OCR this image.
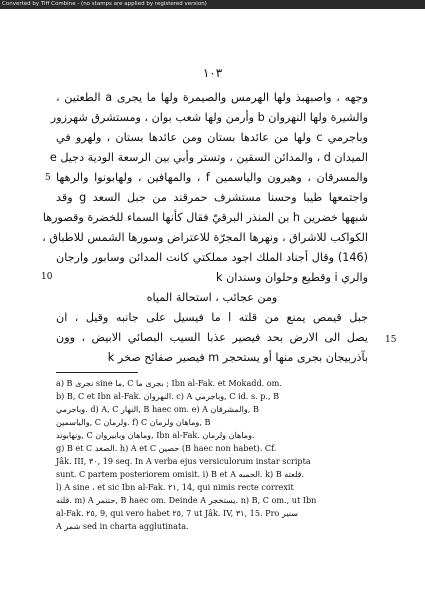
Converted by Tiff Combine - (no stamps are applied by registered version)
١٠٣
وجهه ، واصبهبذ ولها الهرمس والصيمرة ولها ما يجرى a الطعتين ،
والشيرة ولها النهروان b وأرمن ولها شعب بوان ، ومستشرق شهرزور
وباجرمي c ولها من عائدها بستان ومن عائدها بستان ، ولهرو في
الميدان d ، والمدائن السقين ، وتستر وأبي بين الرسعة الودية دجيل e
والمسرقان ، وهيرون والياسمين f ، والمهافين ، ولهابونوا والرهها
واجتمعها طيبا وحسنا مستشرف حمرقند من جبل السعد g وقد
شبهها خضرين h بن المنذر البرقيّ فقال كأنها السماء للخضرة وقصورها
الكواكب للاشراق ، ونهرها المجرّة للاعتراض وسورها الشمس للاطباق ،
(146) وقال أجناد الملك اجود مملكتي كانت المدائن وسابور وارجان
والري i وقطيع وحلوان وسندان k
5
10
15
ومن عجائب ، استحالة المياه
جبل قيمص يمنع من قلته l ما فيسيل على جانبه وقيل ، ان
يصل الى الارض بحد فيصير عذبا السيب البصائي الابيض ، وون
بآذربيجان بجرى منها أو يستحجر m فيصير صفائح صخر k
a) B نجرى sine ما, C بجرى ما ; Ibn al-Fak. et Mokadd. om.
b) B, C et Ibn al-Fak. النهروان. c) A وباجرمي, C id. s. p., B
وباجرمي. d) A, C النهار, B haec om. e) A والمشرقان, B
والياسمين, C ولرمان. f) C وماهان ولرمان, B
ونهابوند, C وماهان وبابيروان, Ibn al-Fak. وماهان ولرمان.
g) B et C الصغد. h) A et C حصين (B haec non habet). Cf.
Jâk. III, ٣٠, 19 seq. In A verba ejus versiculorum instar scripta
sunt. C partem posteriorem omisit. i) B et A الحمبه. k) B قلعته.
l) A sine ، et sic Ibn al-Fak. ٢١, 14, qui nimis recte correxit
قلته. m) A حتنمر, B haec om. Deinde A يستخجر. n) B, C om., ut Ibn
al-Fak. ٢٥, 9, qui vero habet ٢٥, 7 ut Jâk. IV, ٣١, 15. Pro سنير
A شمر sed in charta agglutinata.
